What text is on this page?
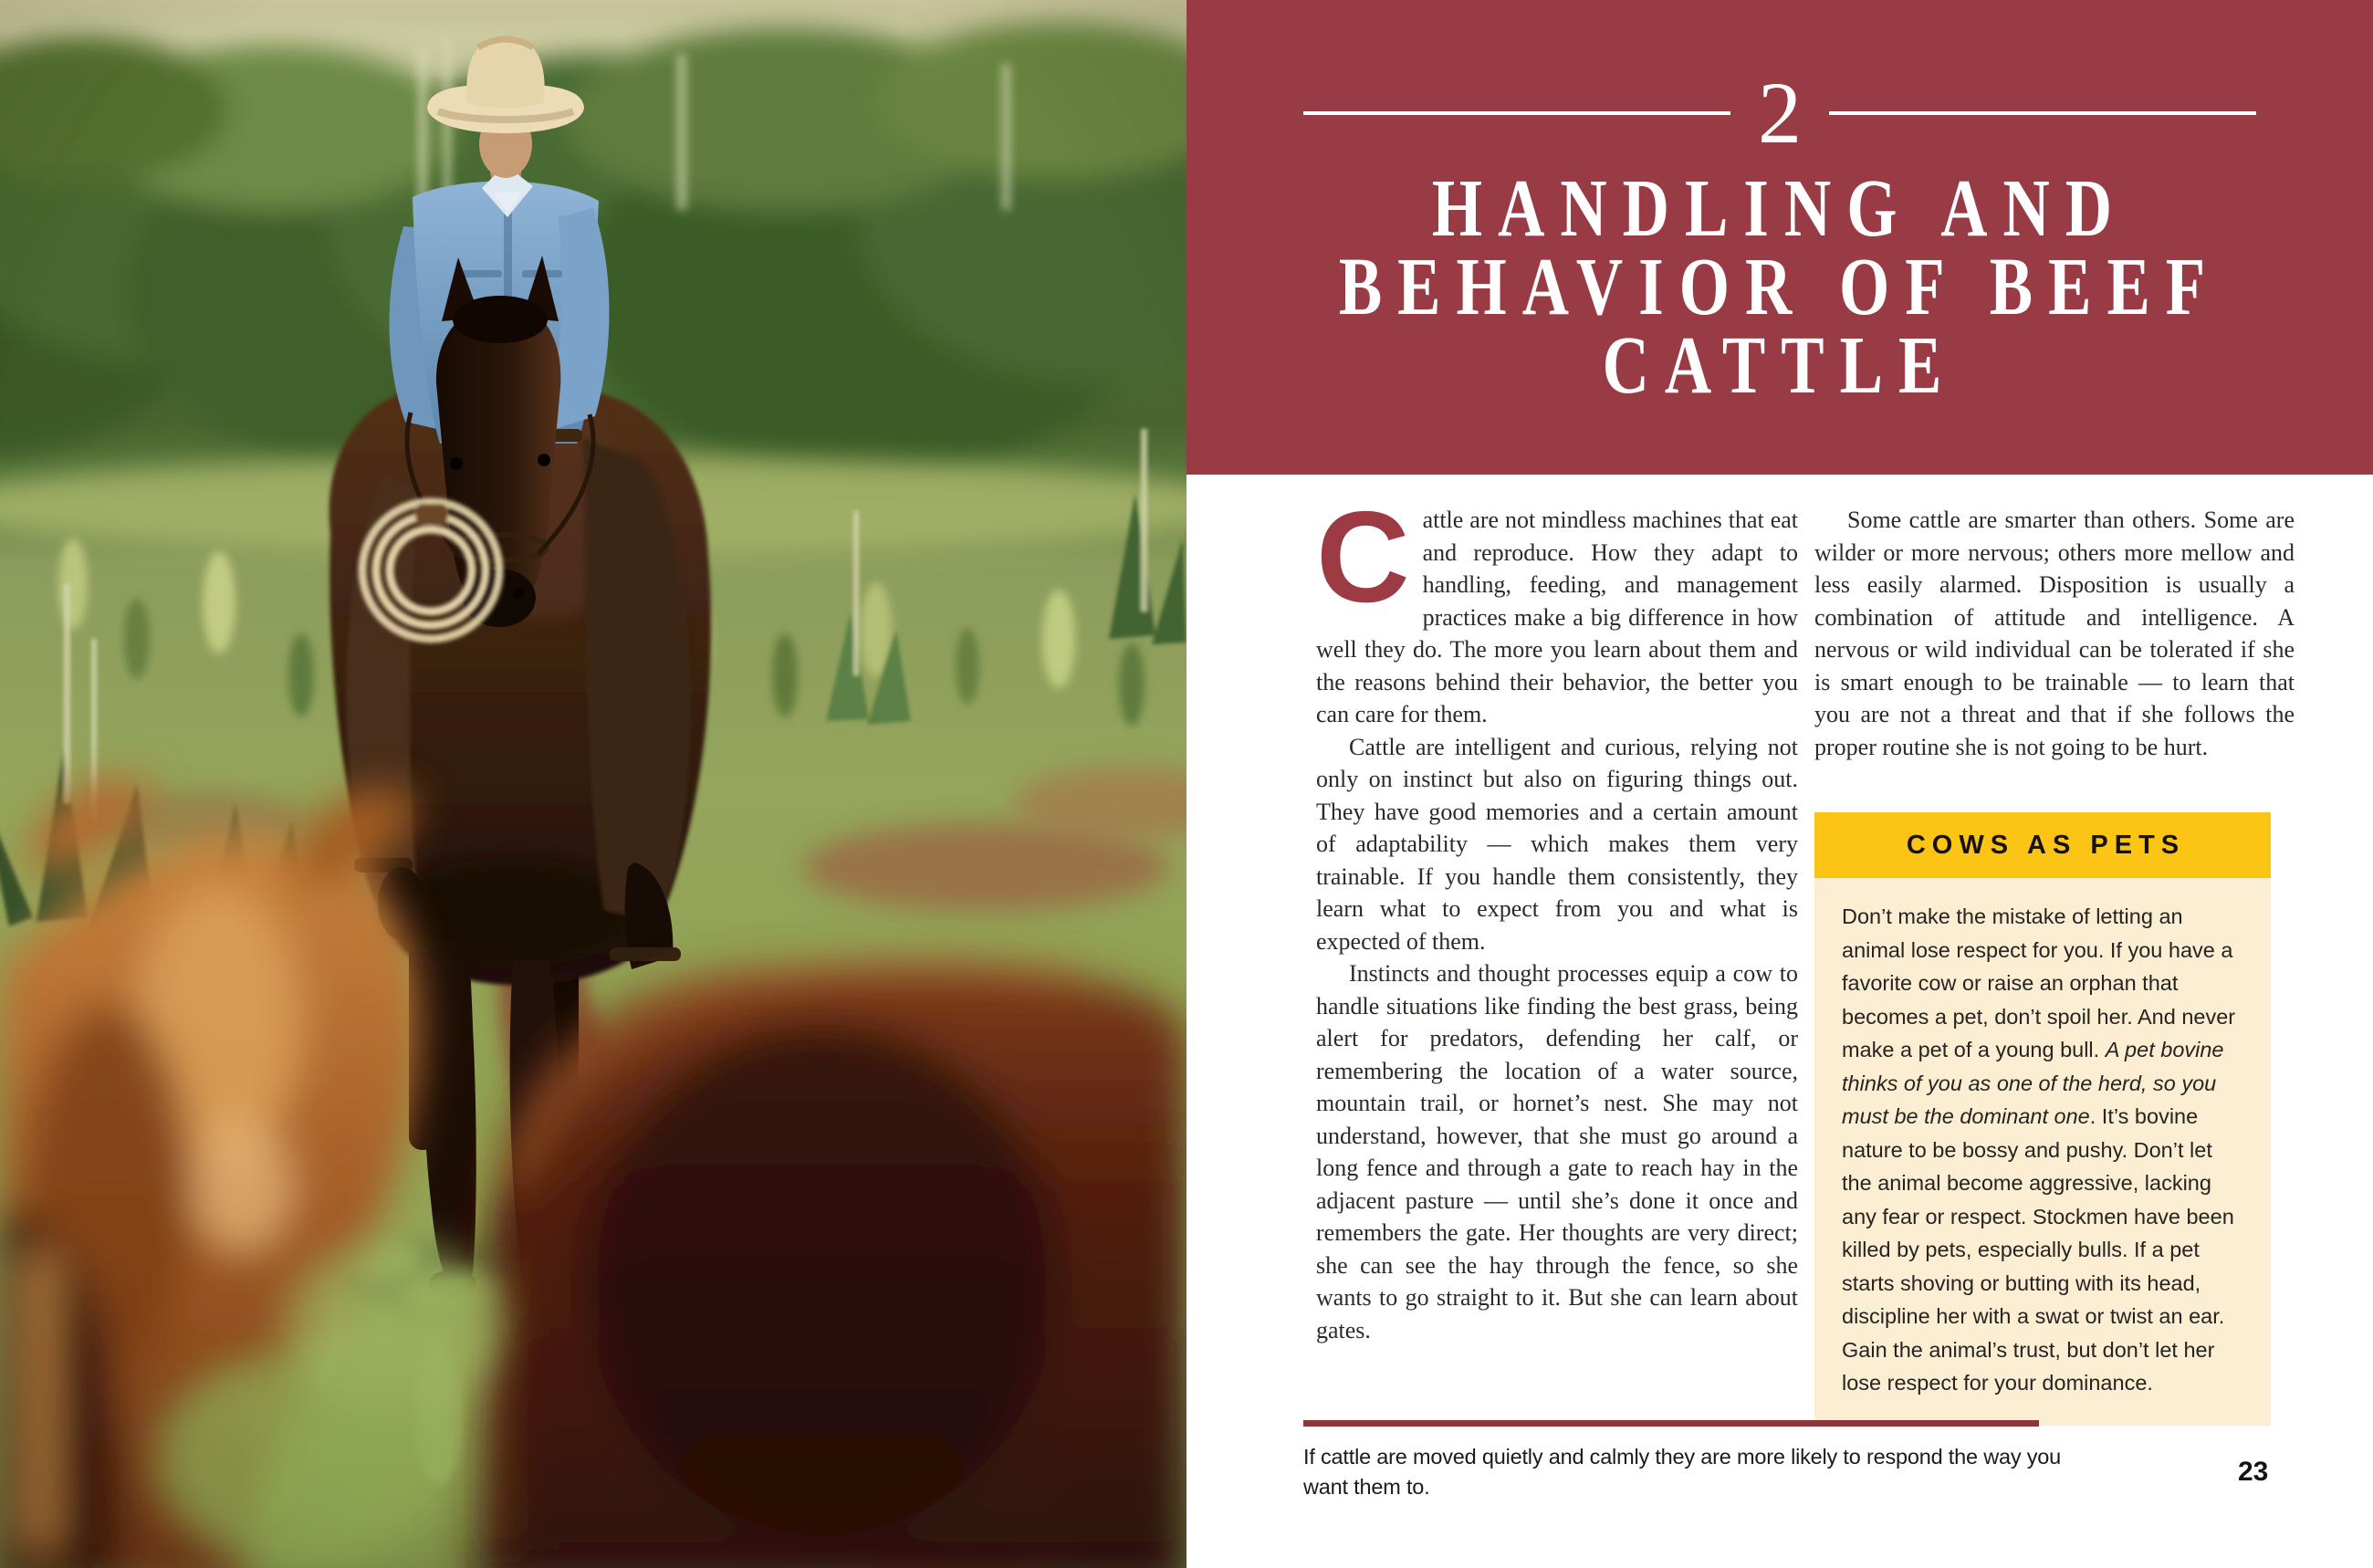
2
HANDLING AND
BEHAVIOR OF BEEF
CATTLE

Cattle are not mindless machines that eat and reproduce. How they adapt to handling, feeding, and management practices make a big difference in how well they do. The more you learn about them and the reasons behind their behavior, the better you can care for them.

Cattle are intelligent and curious, relying not only on instinct but also on figuring things out. They have good memories and a certain amount of adaptability — which makes them very trainable. If you handle them consistently, they learn what to expect from you and what is expected of them.

Instincts and thought processes equip a cow to handle situations like finding the best grass, being alert for predators, defending her calf, or remembering the location of a water source, mountain trail, or hornet’s nest. She may not understand, however, that she must go around a long fence and through a gate to reach hay in the adjacent pasture — until she’s done it once and remembers the gate. Her thoughts are very direct; she can see the hay through the fence, so she wants to go straight to it. But she can learn about gates.

Some cattle are smarter than others. Some are wilder or more nervous; others more mellow and less easily alarmed. Disposition is usually a combination of attitude and intelligence. A nervous or wild individual can be tolerated if she is smart enough to be trainable — to learn that you are not a threat and that if she follows the proper routine she is not going to be hurt.

COWS AS PETS
Don’t make the mistake of letting an animal lose respect for you. If you have a favorite cow or raise an orphan that becomes a pet, don’t spoil her. And never make a pet of a young bull. A pet bovine thinks of you as one of the herd, so you must be the dominant one. It’s bovine nature to be bossy and pushy. Don’t let the animal become aggressive, lacking any fear or respect. Stockmen have been killed by pets, especially bulls. If a pet starts shoving or butting with its head, discipline her with a swat or twist an ear. Gain the animal’s trust, but don’t let her lose respect for your dominance.
If cattle are moved quietly and calmly they are more likely to respond the way you want them to.	23
